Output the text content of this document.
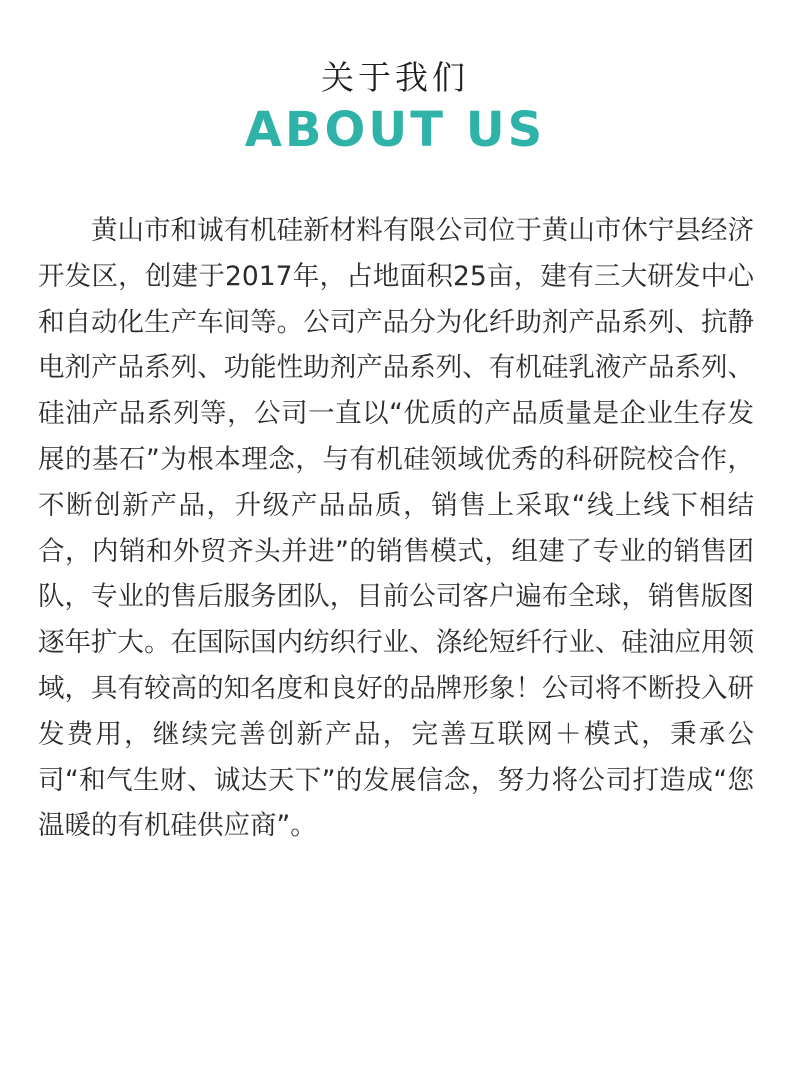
关于我们
ABOUT US
黄山市和诚有机硅新材料有限公司位于黄山市休宁县经济开发区，创建于2017年，占地面积25亩，建有三大研发中心和自动化生产车间等。公司产品分为化纤助剂产品系列、抗静电剂产品系列、功能性助剂产品系列、有机硅乳液产品系列、硅油产品系列等，公司一直以“优质的产品质量是企业生存发展的基石”为根本理念，与有机硅领域优秀的科研院校合作，不断创新产品，升级产品品质，销售上采取“线上线下相结合，内销和外贸齐头并进”的销售模式，组建了专业的销售团队，专业的售后服务团队，目前公司客户遍布全球，销售版图逐年扩大。在国际国内纺织行业、涤纶短纤行业、硅油应用领域，具有较高的知名度和良好的品牌形象！公司将不断投入研发费用，继续完善创新产品，完善互联网＋模式，秉承公司“和气生财、诚达天下”的发展信念，努力将公司打造成“您温暖的有机硅供应商”。
